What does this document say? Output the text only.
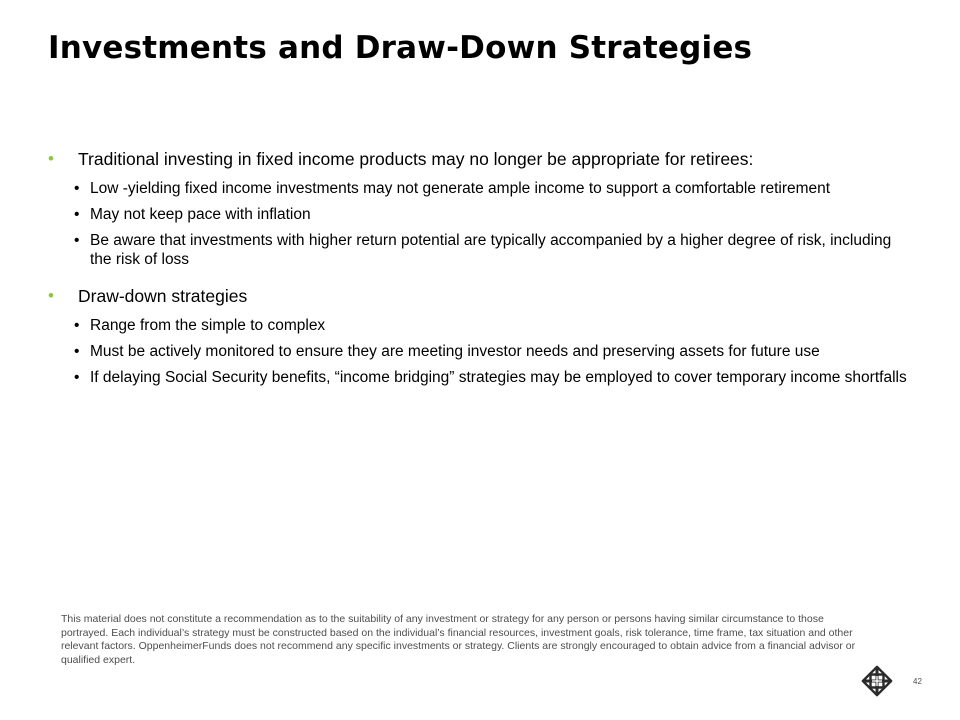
Investments and Draw-Down Strategies
• Traditional investing in fixed income products may no longer be appropriate for retirees:
• Low -yielding fixed income investments may not generate ample income to support a comfortable retirement
• May not keep pace with inflation
• Be aware that investments with higher return potential are typically accompanied by a higher degree of risk, including the risk of loss
• Draw-down strategies
• Range from the simple to complex
• Must be actively monitored to ensure they are meeting investor needs and preserving assets for future use
• If delaying Social Security benefits, “income bridging” strategies may be employed to cover temporary income shortfalls

This material does not constitute a recommendation as to the suitability of any investment or strategy for any person or persons having similar circumstance to those portrayed. Each individual’s strategy must be constructed based on the individual’s financial resources, investment goals, risk tolerance, time frame, tax situation and other relevant factors. OppenheimerFunds does not recommend any specific investments or strategy. Clients are strongly encouraged to obtain advice from a financial advisor or qualified expert.

42
